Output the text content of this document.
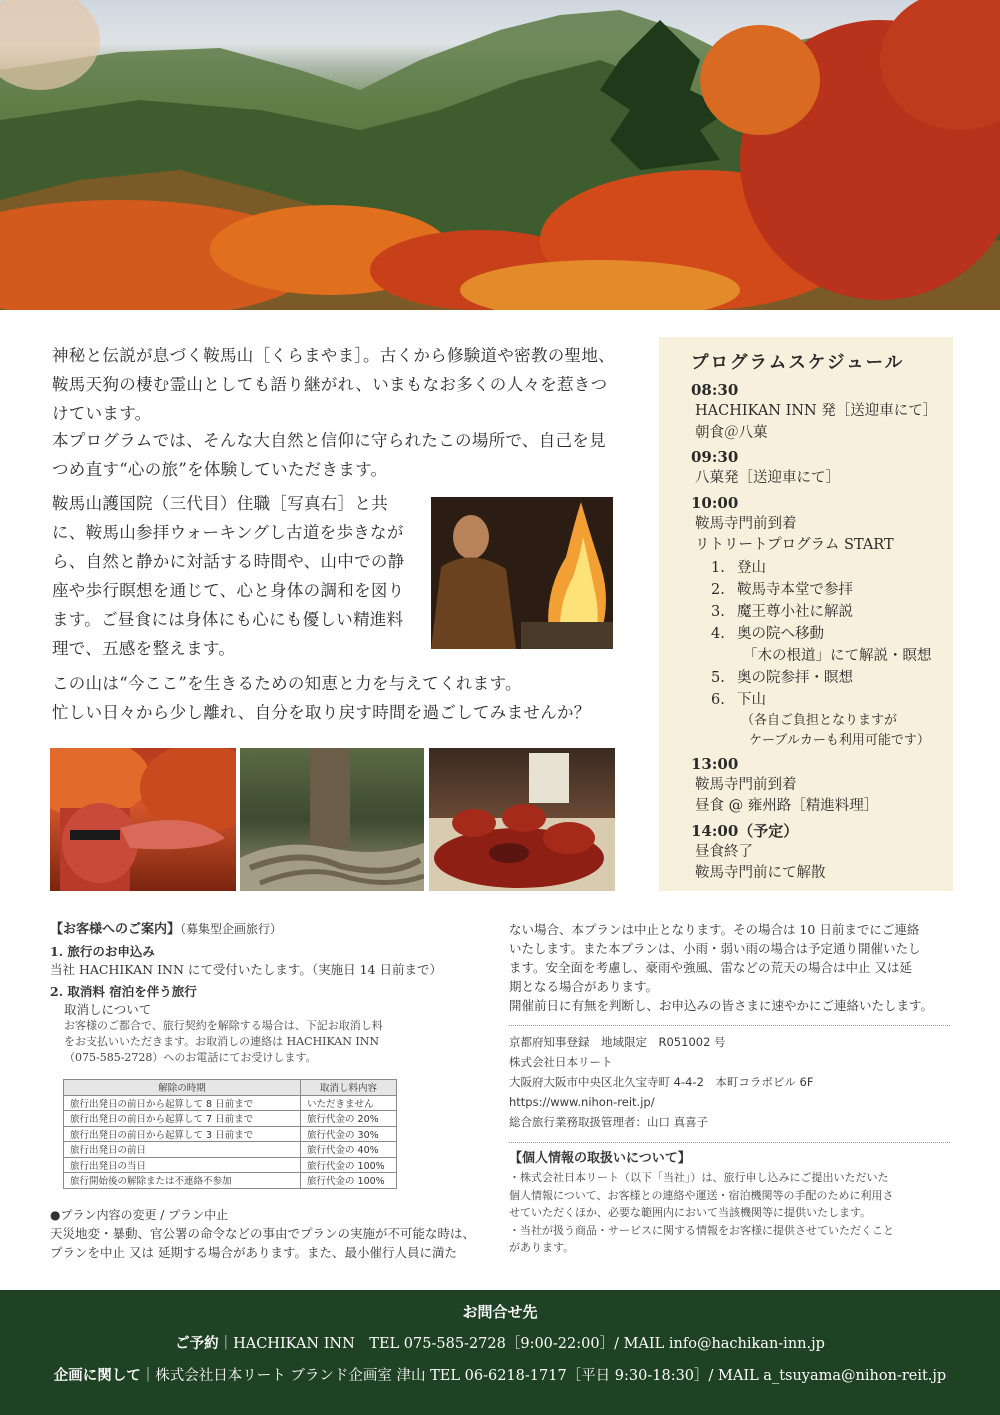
神秘と伝説が息づく鞍馬山［くらまやま］。古くから修験道や密教の聖地、鞍馬天狗の棲む霊山としても語り継がれ、いまもなお多くの人々を惹きつけています。

本プログラムでは、そんな大自然と信仰に守られたこの場所で、自己を見つめ直す“心の旅”を体験していただきます。

鞍馬山護国院（三代目）住職［写真右］と共に、鞍馬山参拝ウォーキングし古道を歩きながら、自然と静かに対話する時間や、山中での静座や歩行瞑想を通じて、心と身体の調和を図ります。ご昼食には身体にも心にも優しい精進料理で、五感を整えます。

この山は“今ここ”を生きるための知恵と力を与えてくれます。
忙しい日々から少し離れ、自分を取り戻す時間を過ごしてみませんか？

プログラムスケジュール
08:30
HACHIKAN INN 発［送迎車にて］
朝食＠八菓
09:30
八菓発［送迎車にて］
10:00
鞍馬寺門前到着
リトリートプログラム START
1. 登山
2. 鞍馬寺本堂で参拝
3. 魔王尊小社に解説
4. 奥の院へ移動
「木の根道」にて解説・瞑想
5. 奥の院参拝・瞑想
6. 下山
（各自ご負担となりますが
ケーブルカーも利用可能です）
13:00
鞍馬寺門前到着
昼食 @ 雍州路［精進料理］
14:00（予定）
昼食終了
鞍馬寺門前にて解散
【お客様へのご案内】（募集型企画旅行）
1. 旅行のお申込み
当社 HACHIKAN INN にて受付いたします。（実施日 14 日前まで）
2. 取消料 宿泊を伴う旅行
取消しについて
お客様のご都合で、旅行契約を解除する場合は、下記お取消し料
をお支払いいただきます。お取消しの連絡は HACHIKAN INN
（075-585-2728）へのお電話にてお受けします。
解除の時期	取消し料内容
旅行出発日の前日から起算して 8 日前まで	いただきません
旅行出発日の前日から起算して 7 日前まで	旅行代金の 20%
旅行出発日の前日から起算して 3 日前まで	旅行代金の 30%
旅行出発日の前日	旅行代金の 40%
旅行出発日の当日	旅行代金の 100%
旅行開始後の解除または不連絡不参加	旅行代金の 100%
●プラン内容の変更 / プラン中止
天災地変・暴動、官公署の命令などの事由でプランの実施が不可能な時は、
プランを中止 又は 延期する場合があります。また、最小催行人員に満た
ない場合、本プランは中止となります。その場合は 10 日前までにご連絡
いたします。また本プランは、小雨・弱い雨の場合は予定通り開催いたし
ます。安全面を考慮し、豪雨や強風、雷などの荒天の場合は中止 又は延
期となる場合があります。
開催前日に有無を判断し、お申込みの皆さまに速やかにご連絡いたします。
京都府知事登録　地域限定　R051002 号
株式会社日本リート
大阪府大阪市中央区北久宝寺町 4-4-2　本町コラボビル 6F
https://www.nihon-reit.jp/
総合旅行業務取扱管理者：山口 真喜子
【個人情報の取扱いについて】
・株式会社日本リート（以下「当社」）は、旅行申し込みにご提出いただいた
個人情報について、お客様との連絡や運送・宿泊機関等の手配のために利用さ
せていただくほか、必要な範囲内において当該機関等に提供いたします。
・当社が扱う商品・サービスに関する情報をお客様に提供させていただくこと
があります。
お問合せ先
ご予約｜HACHIKAN INN　TEL 075-585-2728［9:00-22:00］/ MAIL info@hachikan-inn.jp
企画に関して｜株式会社日本リート ブランド企画室 津山 TEL 06-6218-1717［平日 9:30-18:30］/ MAIL a_tsuyama@nihon-reit.jp
